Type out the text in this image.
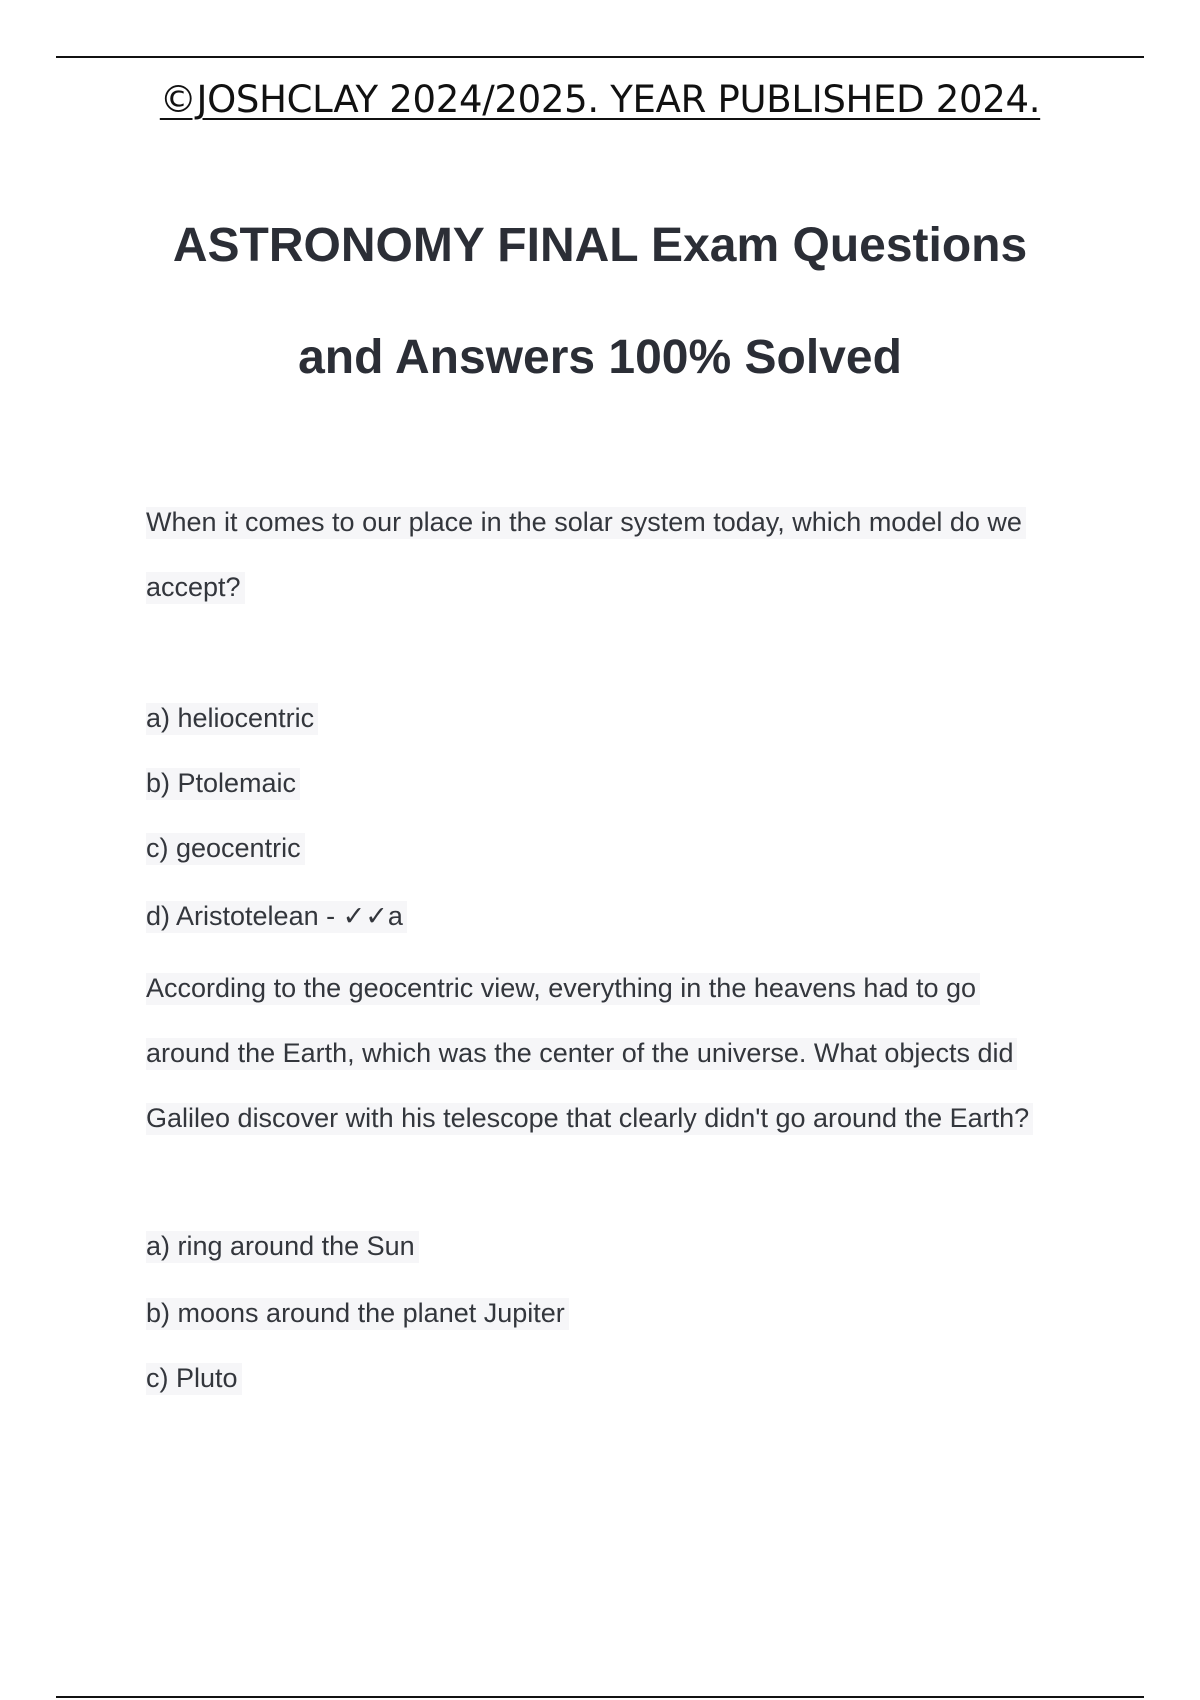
©JOSHCLAY 2024/2025. YEAR PUBLISHED 2024.
ASTRONOMY FINAL Exam Questions
and Answers 100% Solved
When it comes to our place in the solar system today, which model do we
accept?
a) heliocentric
b) Ptolemaic
c) geocentric
d) Aristotelean - ✓✓a
According to the geocentric view, everything in the heavens had to go
around the Earth, which was the center of the universe. What objects did
Galileo discover with his telescope that clearly didn't go around the Earth?
a) ring around the Sun
b) moons around the planet Jupiter
c) Pluto
